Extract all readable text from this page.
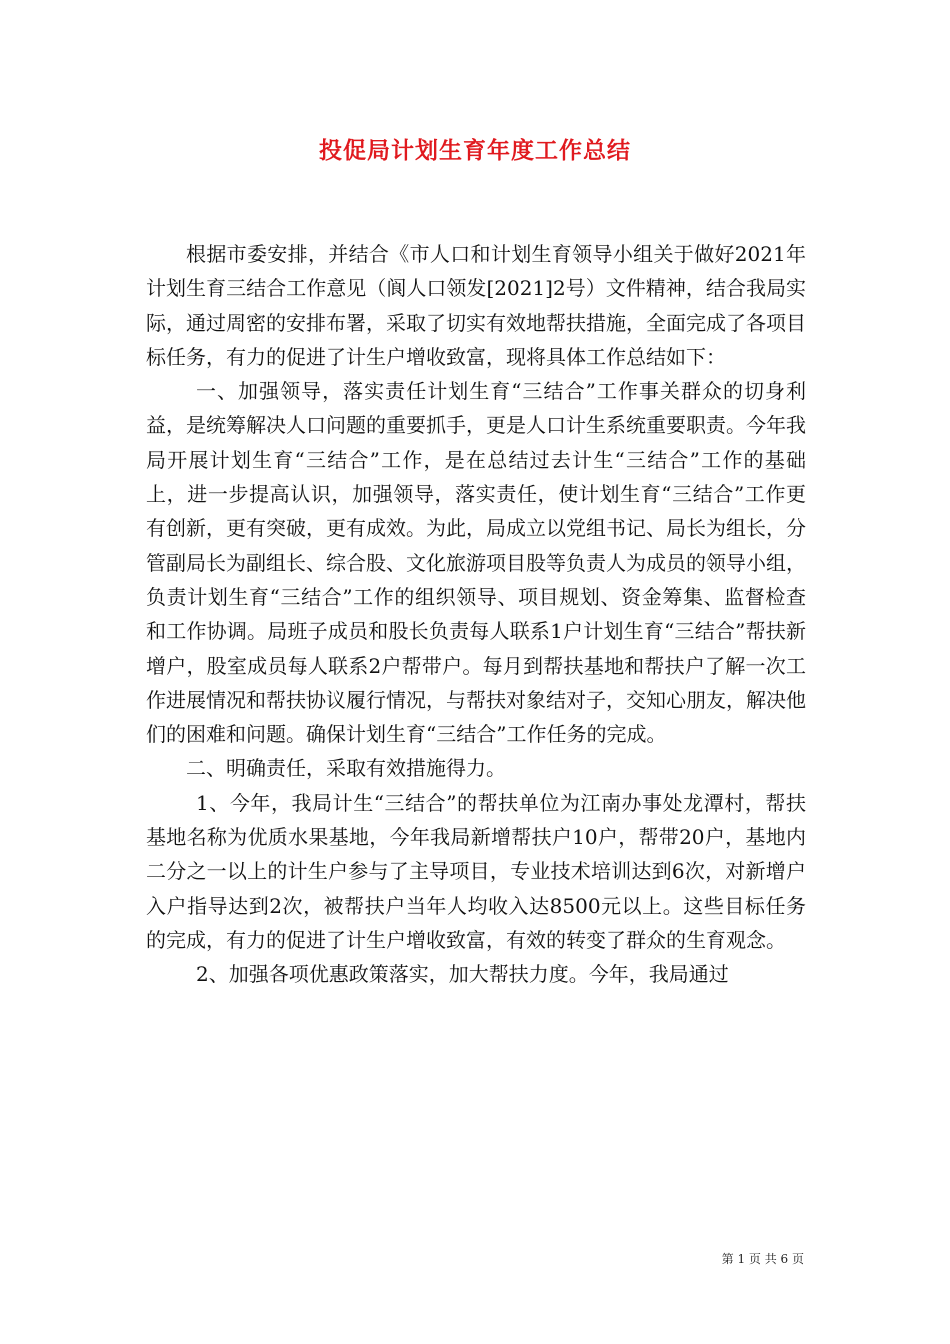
投促局计划生育年度工作总结

根据市委安排，并结合《市人口和计划生育领导小组关于做好2021年计划生育三结合工作意见（阆人口领发[2021]2号）文件精神，结合我局实际，通过周密的安排布署，采取了切实有效地帮扶措施，全面完成了各项目标任务，有力的促进了计生户增收致富，现将具体工作总结如下：

一、加强领导，落实责任计划生育“三结合”工作事关群众的切身利益，是统筹解决人口问题的重要抓手，更是人口计生系统重要职责。今年我局开展计划生育“三结合”工作，是在总结过去计生“三结合”工作的基础上，进一步提高认识，加强领导，落实责任，使计划生育“三结合”工作更有创新，更有突破，更有成效。为此，局成立以党组书记、局长为组长，分管副局长为副组长、综合股、文化旅游项目股等负责人为成员的领导小组，负责计划生育“三结合”工作的组织领导、项目规划、资金筹集、监督检查和工作协调。局班子成员和股长负责每人联系1户计划生育“三结合”帮扶新增户，股室成员每人联系2户帮带户。每月到帮扶基地和帮扶户了解一次工作进展情况和帮扶协议履行情况，与帮扶对象结对子，交知心朋友，解决他们的困难和问题。确保计划生育“三结合”工作任务的完成。

二、明确责任，采取有效措施得力。

1、今年，我局计生“三结合”的帮扶单位为江南办事处龙潭村，帮扶基地名称为优质水果基地，今年我局新增帮扶户10户，帮带20户，基地内二分之一以上的计生户参与了主导项目，专业技术培训达到6次，对新增户入户指导达到2次，被帮扶户当年人均收入达8500元以上。这些目标任务的完成，有力的促进了计生户增收致富，有效的转变了群众的生育观念。

2、加强各项优惠政策落实，加大帮扶力度。今年，我局通过

第 1 页 共 6 页
